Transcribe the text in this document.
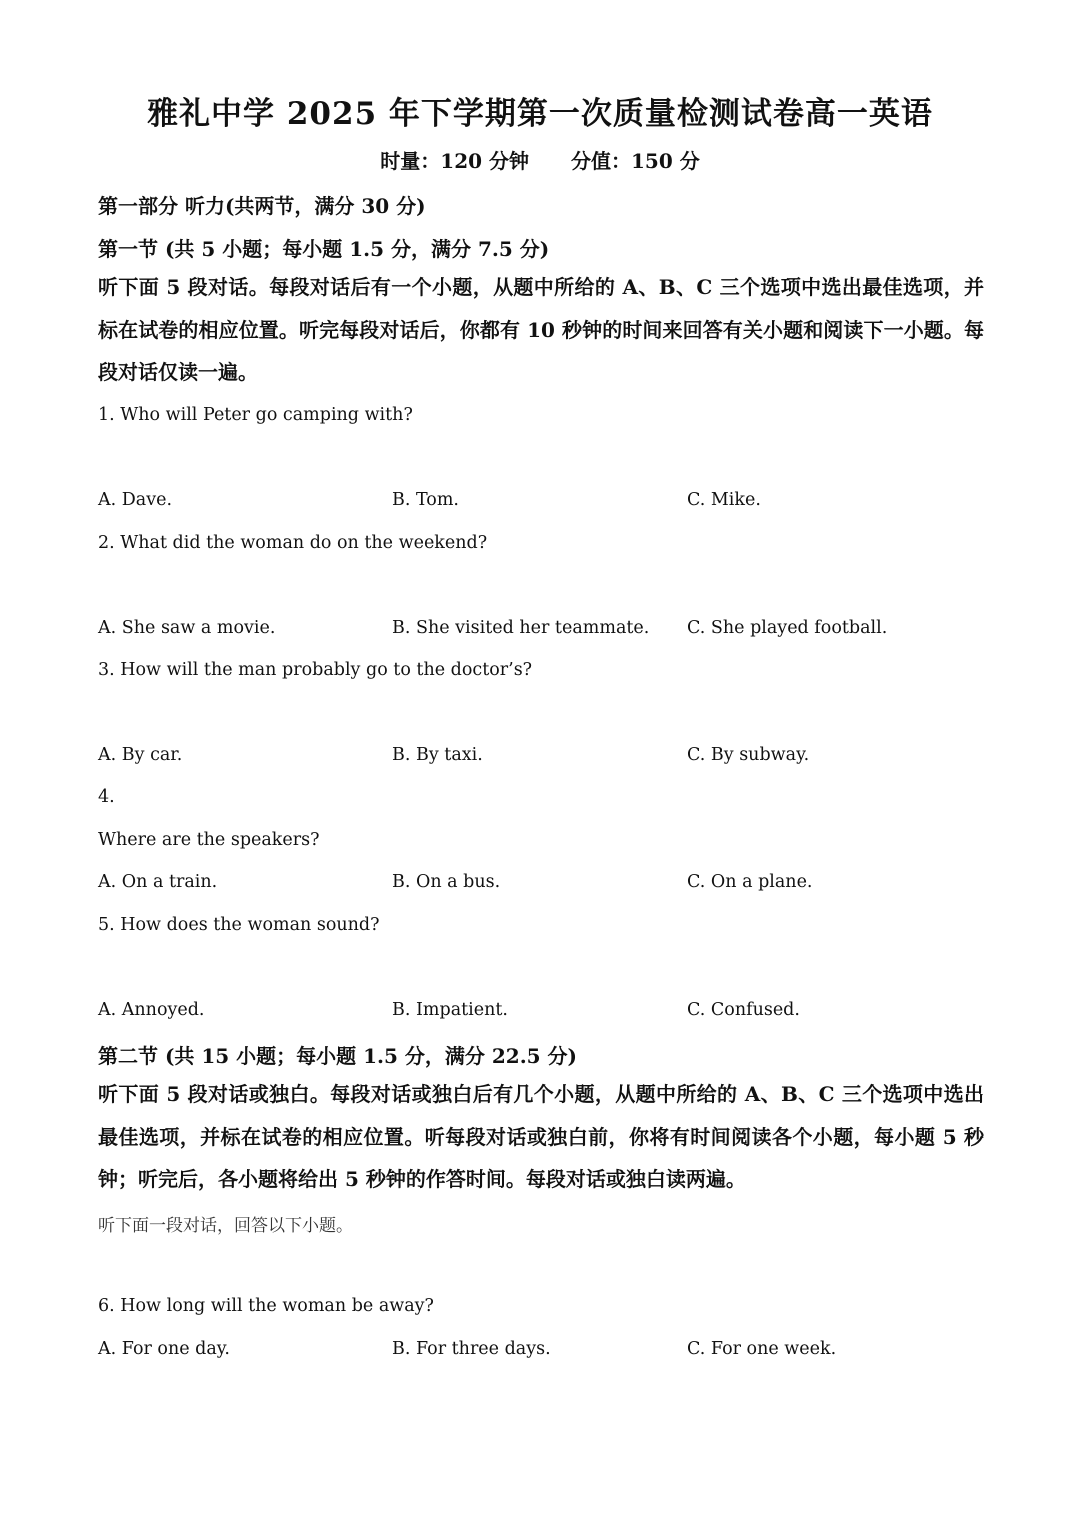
雅礼中学 2025 年下学期第一次质量检测试卷高一英语
时量：120 分钟 分值：150 分
第一部分 听力(共两节，满分 30 分)
第一节 (共 5 小题；每小题 1.5 分，满分 7.5 分)
听下面 5 段对话。每段对话后有一个小题，从题中所给的 A、B、C 三个选项中选出最佳选项，并标在试卷的相应位置。听完每段对话后，你都有 10 秒钟的时间来回答有关小题和阅读下一小题。每段对话仅读一遍。
1. Who will Peter go camping with?
A. Dave.	B. Tom.	C. Mike.
2. What did the woman do on the weekend?
A. She saw a movie.	B. She visited her teammate. C. She played football.
3. How will the man probably go to the doctor’s?
A. By car.	B. By taxi.	C. By subway.
4.
Where are the speakers?
A. On a train.	B. On a bus.	C. On a plane.
5. How does the woman sound?
A. Annoyed.	B. Impatient.	C. Confused.
第二节 (共 15 小题；每小题 1.5 分，满分 22.5 分)
听下面 5 段对话或独白。每段对话或独白后有几个小题，从题中所给的 A、B、C 三个选项中选出最佳选项，并标在试卷的相应位置。听每段对话或独白前，你将有时间阅读各个小题，每小题 5 秒钟；听完后，各小题将给出 5 秒钟的作答时间。每段对话或独白读两遍。
听下面一段对话，回答以下小题。
6. How long will the woman be away?
A. For one day.	B. For three days.	C. For one week.
